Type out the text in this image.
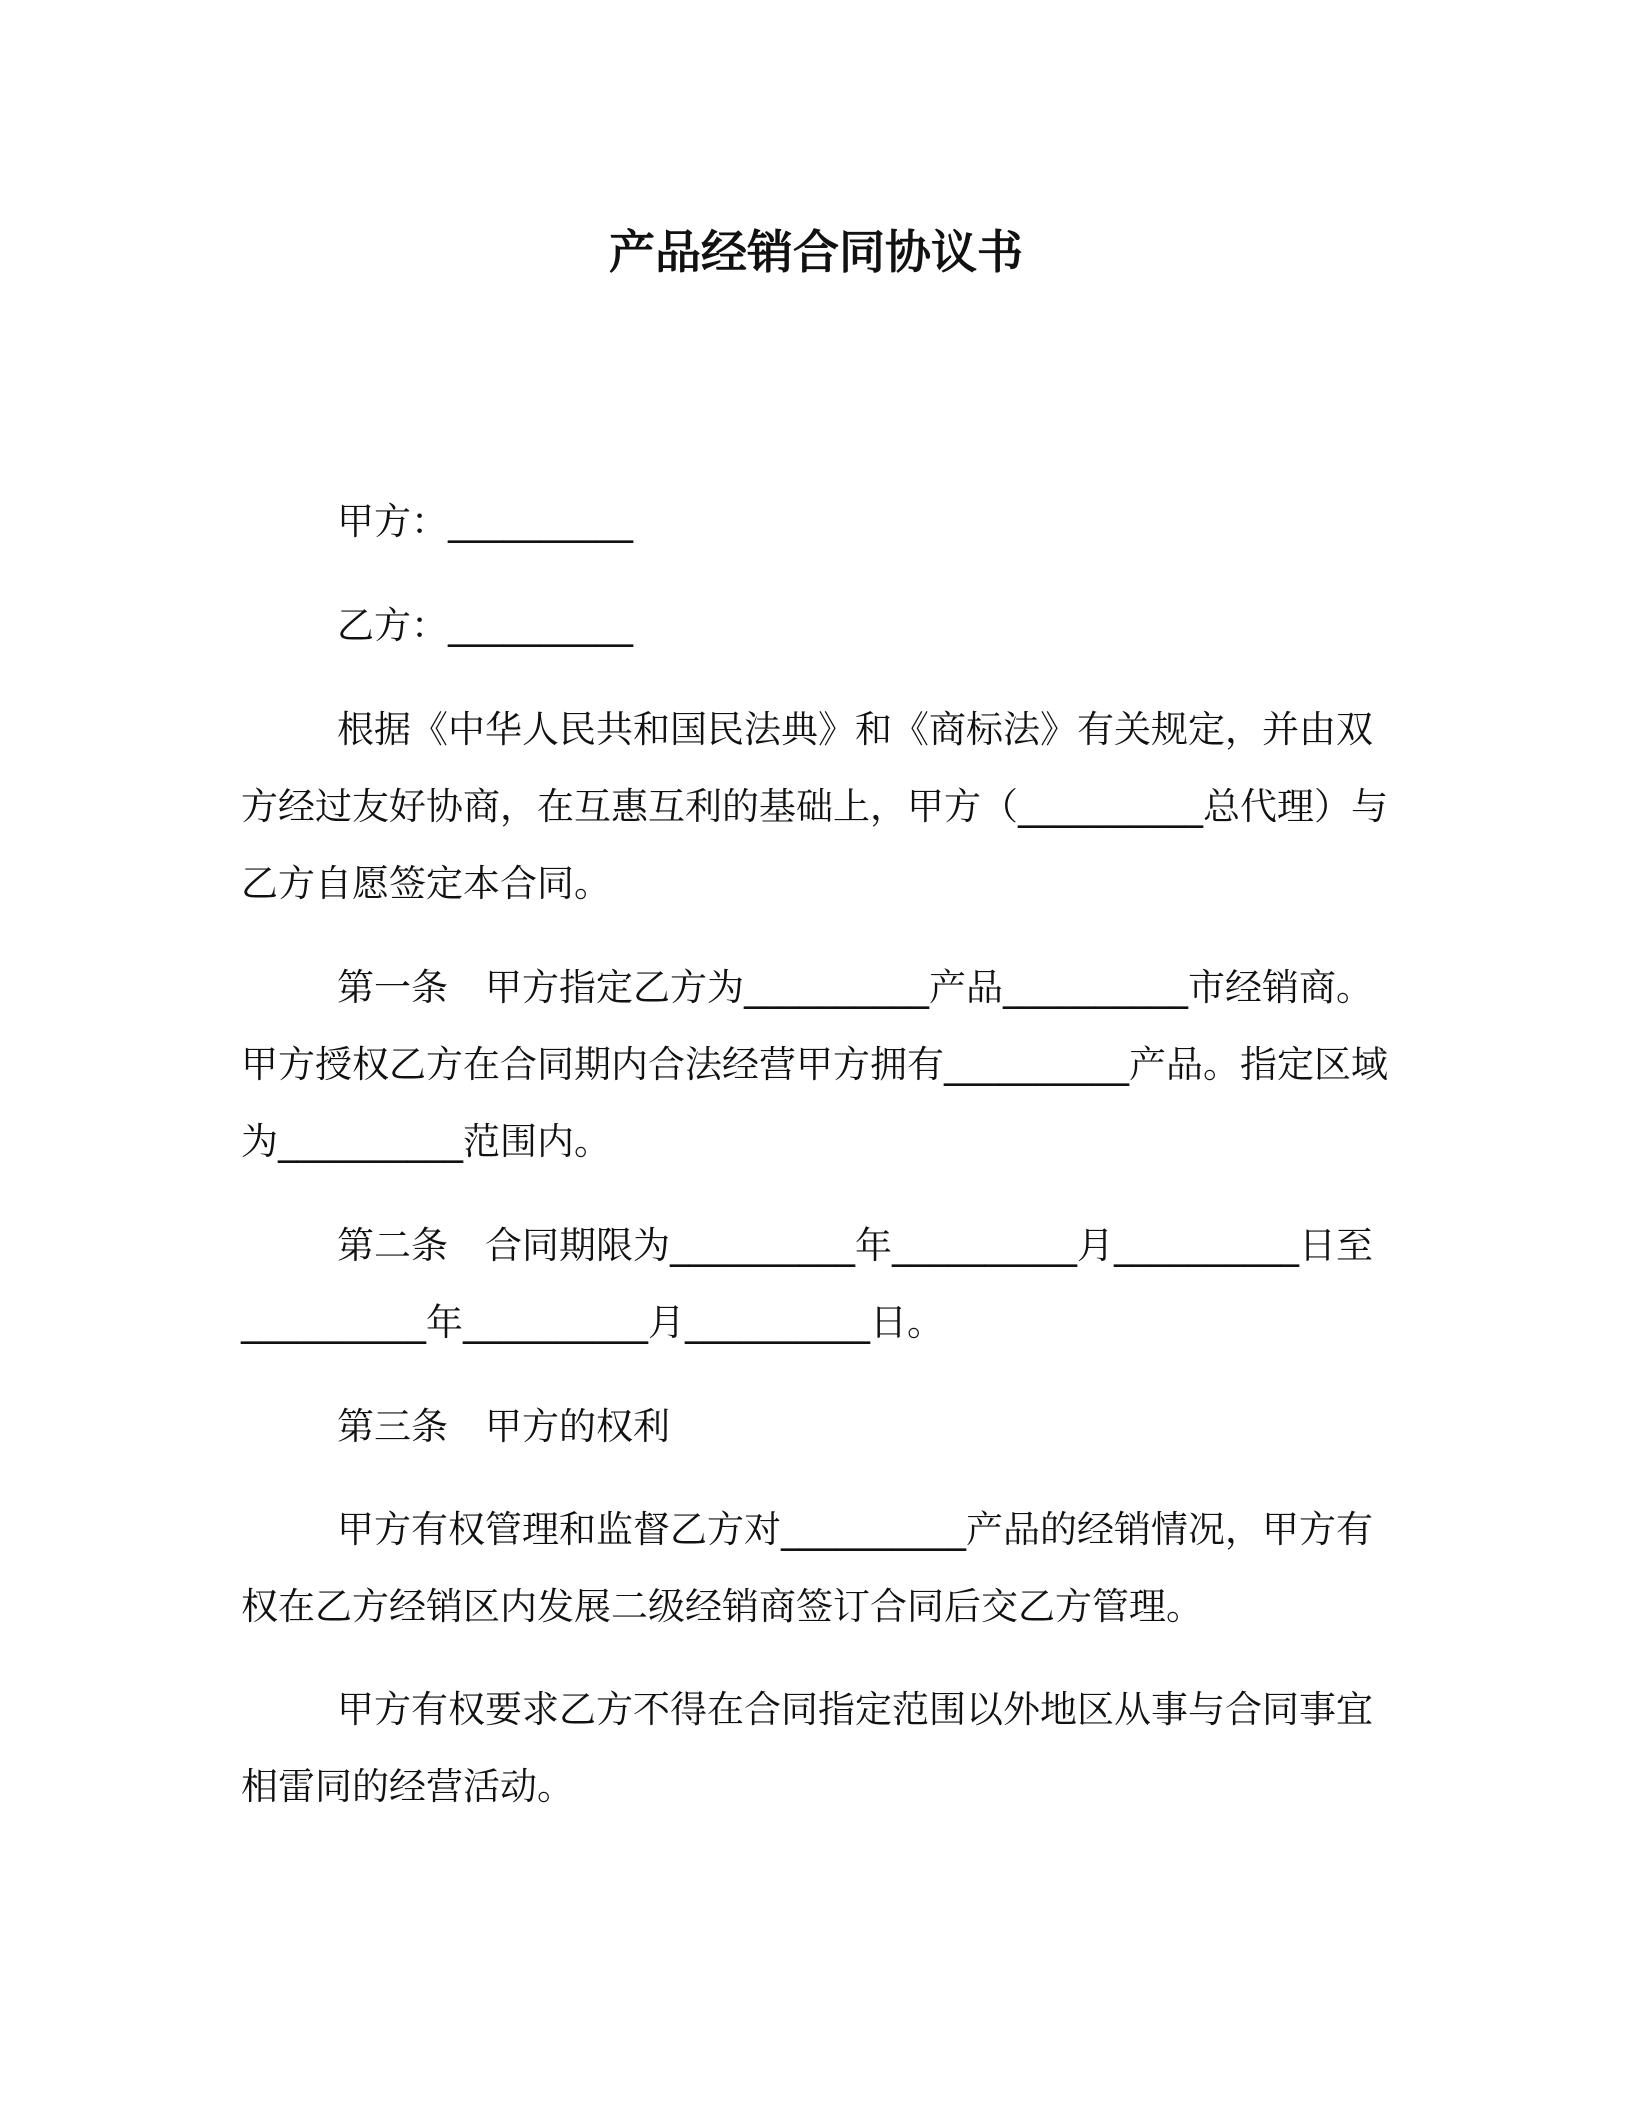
产品经销合同协议书

甲方：__________

乙方：__________

根据《中华人民共和国民法典》和《商标法》有关规定，并由双方经过友好协商，在互惠互利的基础上，甲方（__________总代理）与乙方自愿签定本合同。

第一条　甲方指定乙方为__________产品__________市经销商。甲方授权乙方在合同期内合法经营甲方拥有__________产品。指定区域为__________范围内。

第二条　合同期限为__________年__________月__________日至__________年__________月__________日。

第三条　甲方的权利

甲方有权管理和监督乙方对__________产品的经销情况，甲方有权在乙方经销区内发展二级经销商签订合同后交乙方管理。

甲方有权要求乙方不得在合同指定范围以外地区从事与合同事宜相雷同的经营活动。
